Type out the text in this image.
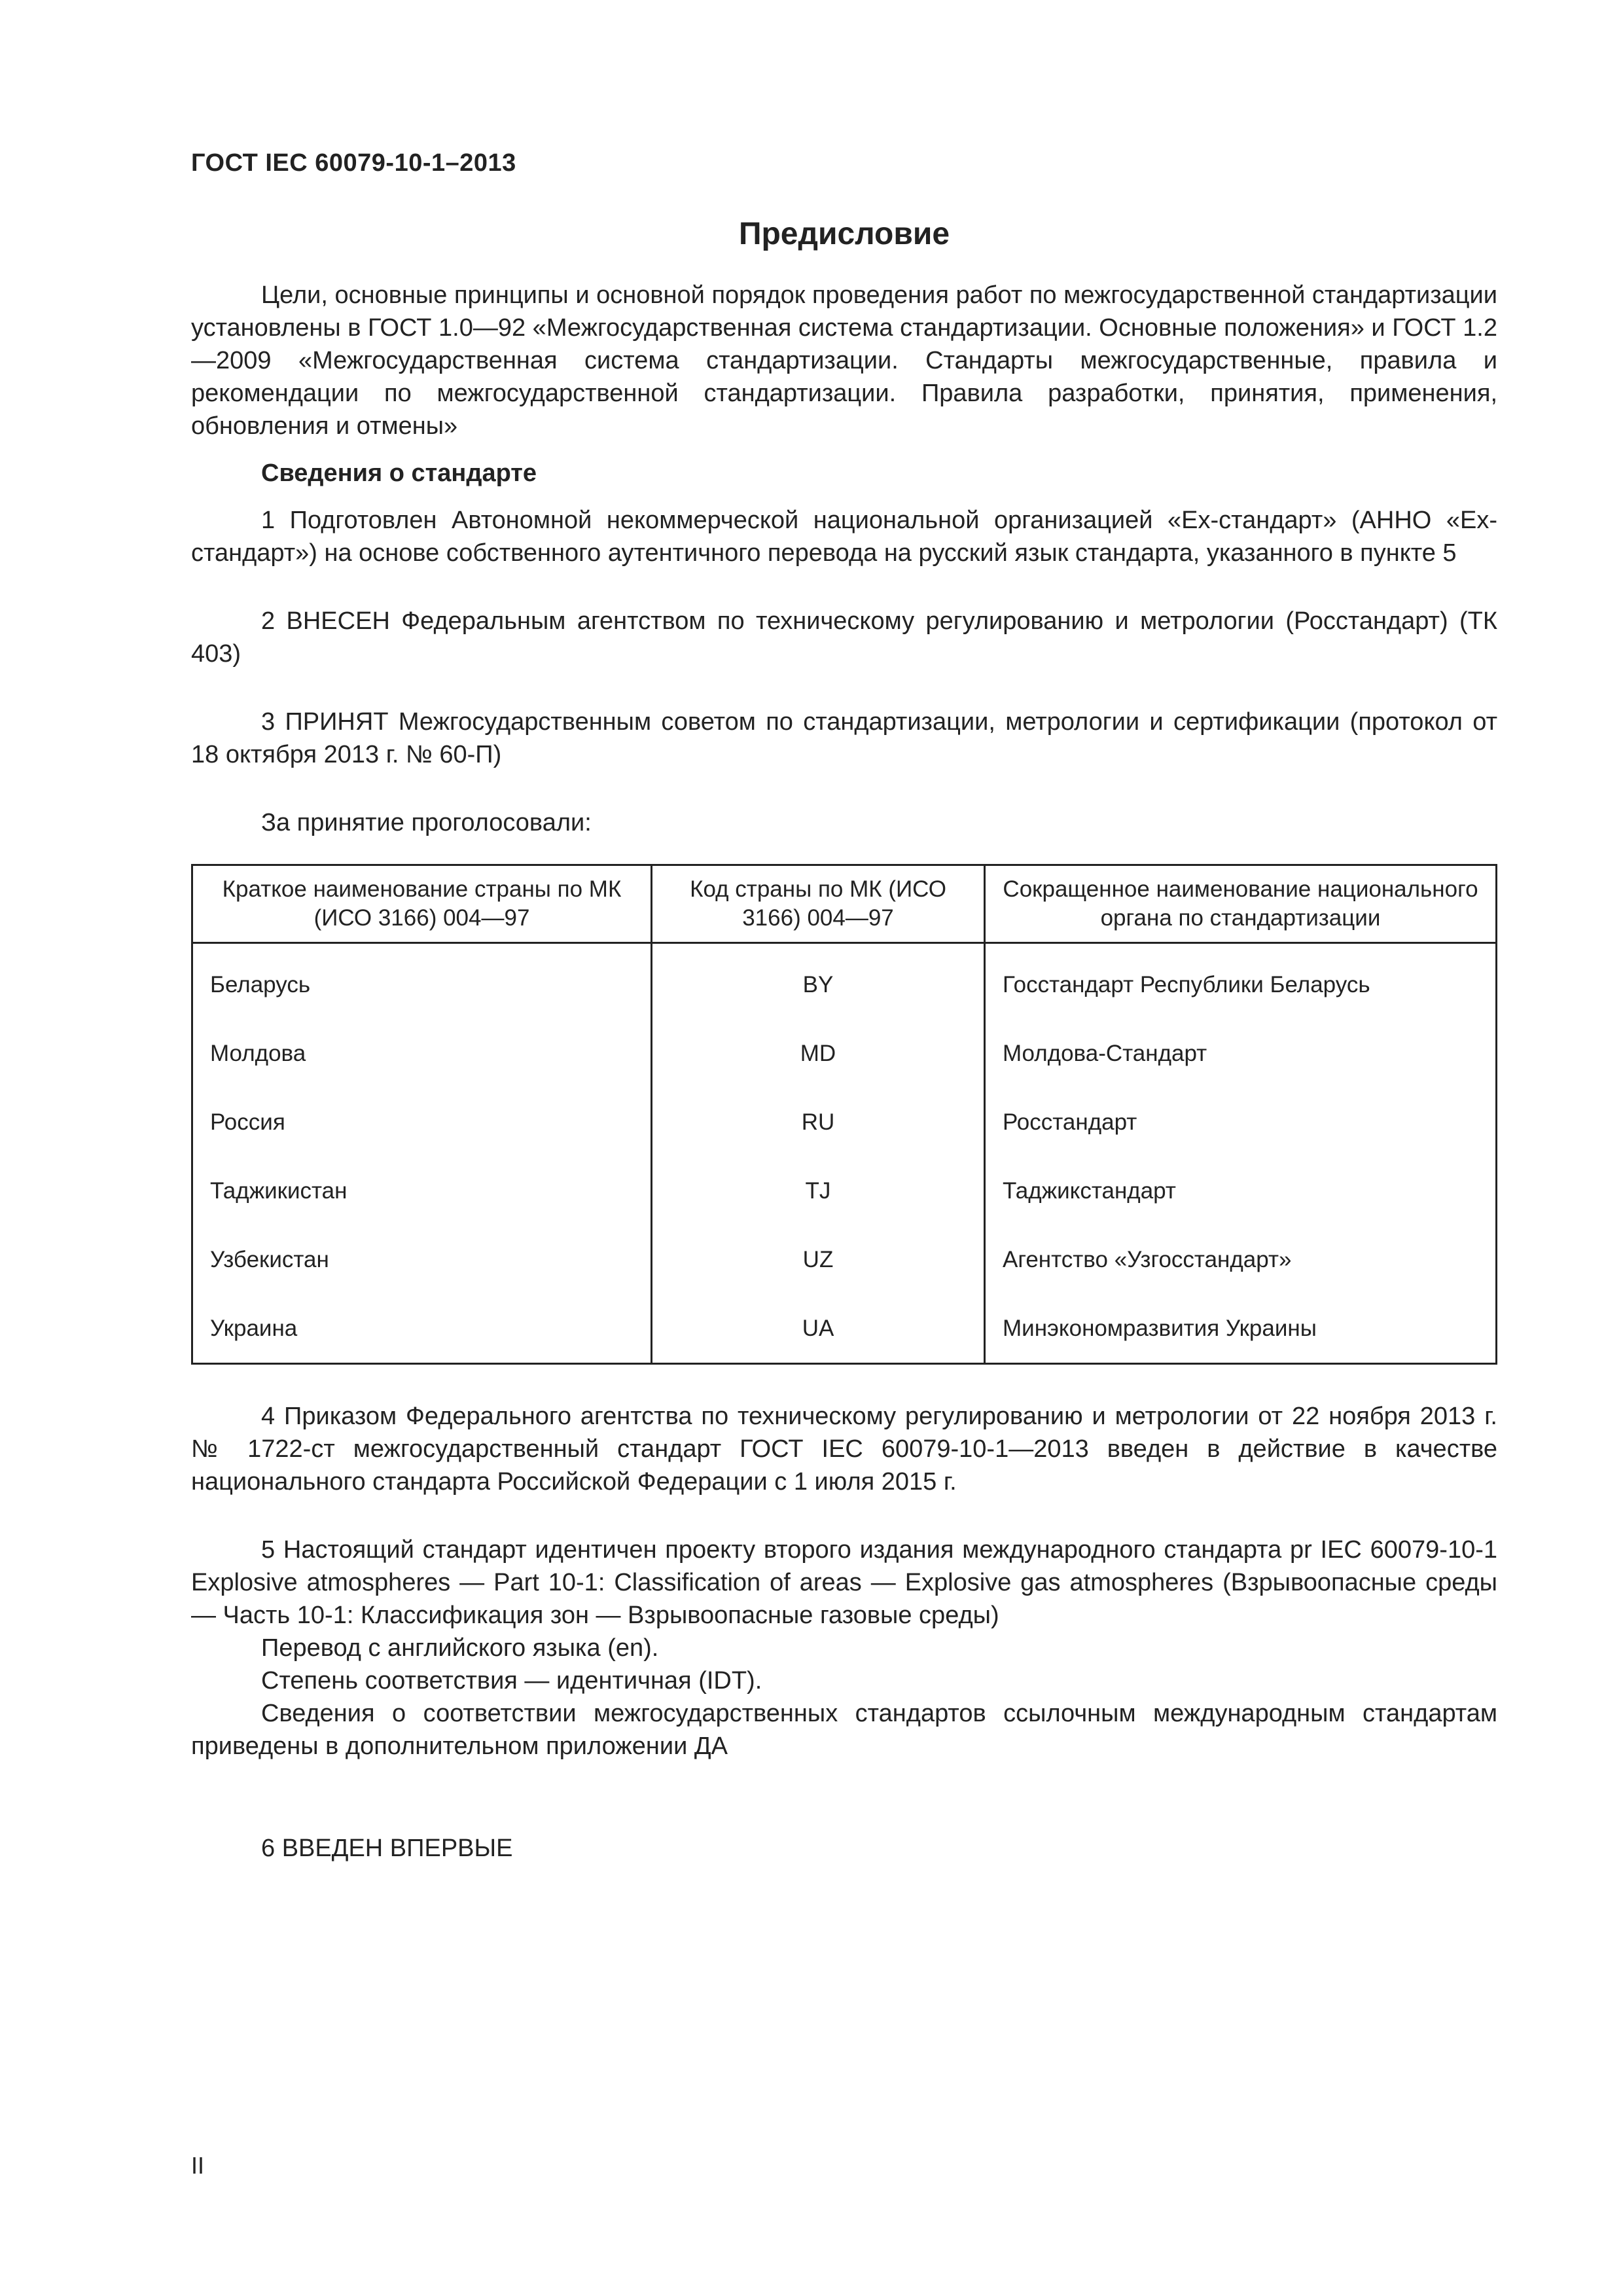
ГОСТ IEC 60079-10-1–2013
Предисловие

Цели, основные принципы и основной порядок проведения работ по межгосударственной стандартизации установлены в ГОСТ 1.0—92 «Межгосударственная система стандартизации. Основные положения» и ГОСТ 1.2—2009 «Межгосударственная система стандартизации. Стандарты межгосударственные, правила и рекомендации по межгосударственной стандартизации. Правила разработки, принятия, применения, обновления и отмены»

Сведения о стандарте

1 Подготовлен Автономной некоммерческой национальной организацией «Ex-стандарт» (АННО «Ex-стандарт») на основе собственного аутентичного перевода на русский язык стандарта, указанного в пункте 5

2 ВНЕСЕН Федеральным агентством по техническому регулированию и метрологии (Росстандарт) (ТК 403)

3 ПРИНЯТ Межгосударственным советом по стандартизации, метрологии и сертификации (протокол от 18 октября 2013 г. № 60-П)

За принятие проголосовали:

Краткое наименование страны по МК (ИСО 3166) 004—97	Код страны по МК (ИСО 3166) 004—97	Сокращенное наименование национального органа по стандартизации
Беларусь	BY	Госстандарт Республики Беларусь
Молдова	MD	Молдова-Стандарт
Россия	RU	Росстандарт
Таджикистан	TJ	Таджикстандарт
Узбекистан	UZ	Агентство «Узгосстандарт»
Украина	UA	Минэкономразвития Украины

4 Приказом Федерального агентства по техническому регулированию и метрологии от 22 ноября 2013 г. № 1722-ст межгосударственный стандарт ГОСТ IEC 60079-10-1—2013 введен в действие в качестве национального стандарта Российской Федерации с 1 июля 2015 г.

5 Настоящий стандарт идентичен проекту второго издания международного стандарта pr IEC 60079-10-1 Explosive atmospheres — Part 10-1: Classification of areas — Explosive gas atmospheres (Взрывоопасные среды — Часть 10-1: Классификация зон — Взрывоопасные газовые среды)

Перевод с английского языка (en).

Степень соответствия — идентичная (IDT).

Сведения о соответствии межгосударственных стандартов ссылочным международным стандартам приведены в дополнительном приложении ДА

6 ВВЕДЕН ВПЕРВЫЕ

II
